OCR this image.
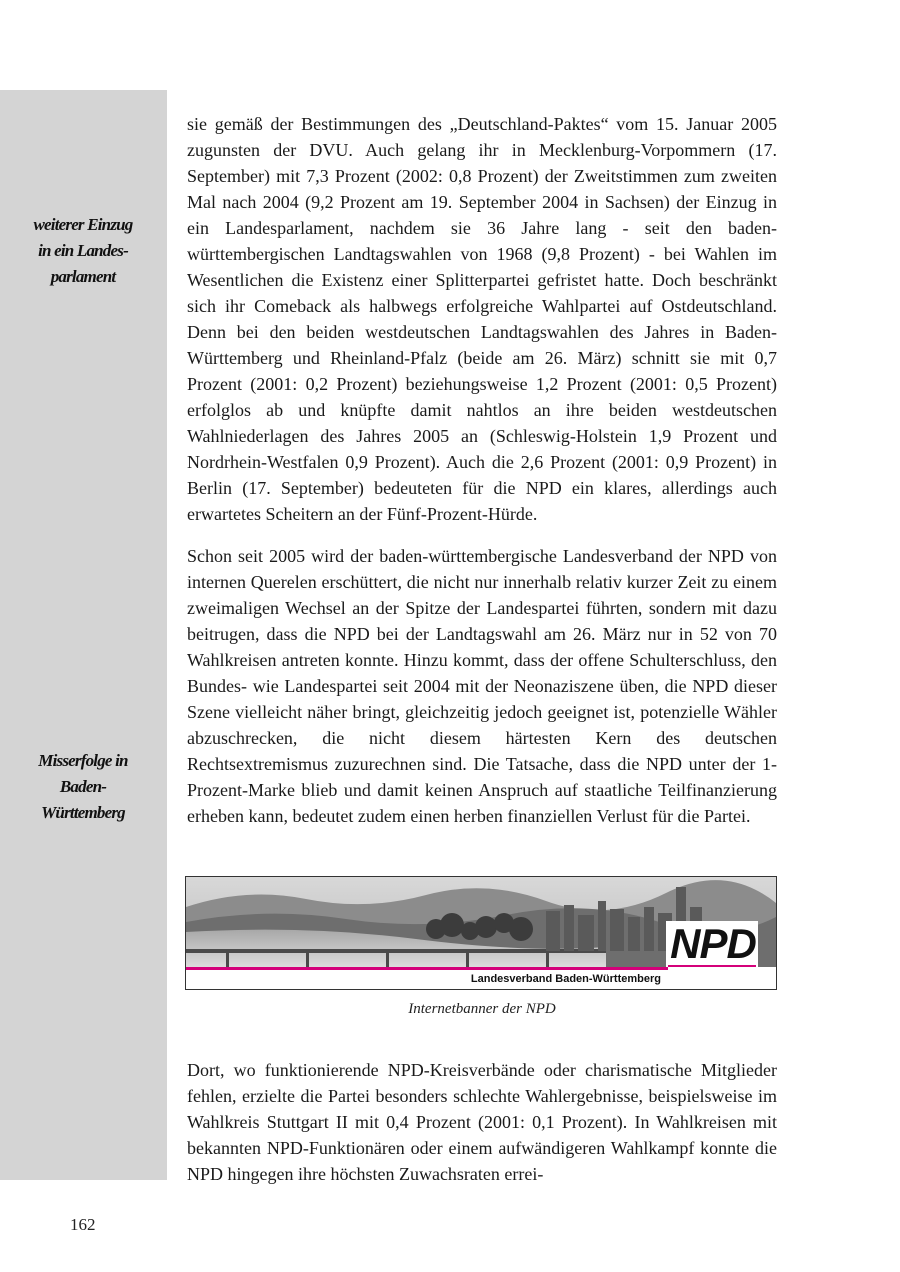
weiterer Einzug
in ein Landes-
parlament
Misserfolge in
Baden-
Württemberg

sie gemäß der Bestimmungen des „Deutschland-Paktes“ vom 15. Januar 2005 zugunsten der DVU. Auch gelang ihr in Mecklenburg-Vorpommern (17. September) mit 7,3 Prozent (2002: 0,8 Prozent) der Zweitstimmen zum zweiten Mal nach 2004 (9,2 Prozent am 19. September 2004 in Sachsen) der Einzug in ein Landesparlament, nachdem sie 36 Jahre lang - seit den baden-württembergischen Landtagswahlen von 1968 (9,8 Prozent) - bei Wahlen im Wesentlichen die Existenz einer Splitterpartei gefristet hatte. Doch beschränkt sich ihr Comeback als halbwegs erfolgreiche Wahlpartei auf Ostdeutschland. Denn bei den beiden westdeutschen Landtagswahlen des Jahres in Baden-Württemberg und Rheinland-Pfalz (beide am 26. März) schnitt sie mit 0,7 Prozent (2001: 0,2 Prozent) beziehungsweise 1,2 Prozent (2001: 0,5 Prozent) erfolglos ab und knüpfte damit nahtlos an ihre beiden westdeutschen Wahlniederlagen des Jahres 2005 an (Schleswig-Holstein 1,9 Prozent und Nordrhein-Westfalen 0,9 Prozent). Auch die 2,6 Prozent (2001: 0,9 Prozent) in Berlin (17. September) bedeuteten für die NPD ein klares, allerdings auch erwartetes Scheitern an der Fünf-Prozent-Hürde.

Schon seit 2005 wird der baden-württembergische Landesverband der NPD von internen Querelen erschüttert, die nicht nur innerhalb relativ kurzer Zeit zu einem zweimaligen Wechsel an der Spitze der Landespartei führten, sondern mit dazu beitrugen, dass die NPD bei der Landtagswahl am 26. März nur in 52 von 70 Wahlkreisen antreten konnte. Hinzu kommt, dass der offene Schulterschluss, den Bundes- wie Landespartei seit 2004 mit der Neonaziszene üben, die NPD dieser Szene vielleicht näher bringt, gleichzeitig jedoch geeignet ist, potenzielle Wähler abzuschrecken, die nicht diesem härtesten Kern des deutschen Rechtsextremismus zuzurechnen sind. Die Tatsache, dass die NPD unter der 1-Prozent-Marke blieb und damit keinen Anspruch auf staatliche Teilfinanzierung erheben kann, bedeutet zudem einen herben finanziellen Verlust für die Partei.

NPD
Die Nationalen
Landesverband Baden-Württemberg
Internetbanner der NPD

Dort, wo funktionierende NPD-Kreisverbände oder charismatische Mitglieder fehlen, erzielte die Partei besonders schlechte Wahlergebnisse, beispielsweise im Wahlkreis Stuttgart II mit 0,4 Prozent (2001: 0,1 Prozent). In Wahlkreisen mit bekannten NPD-Funktionären oder einem aufwändigeren Wahlkampf konnte die NPD hingegen ihre höchsten Zuwachsraten errei-

162
